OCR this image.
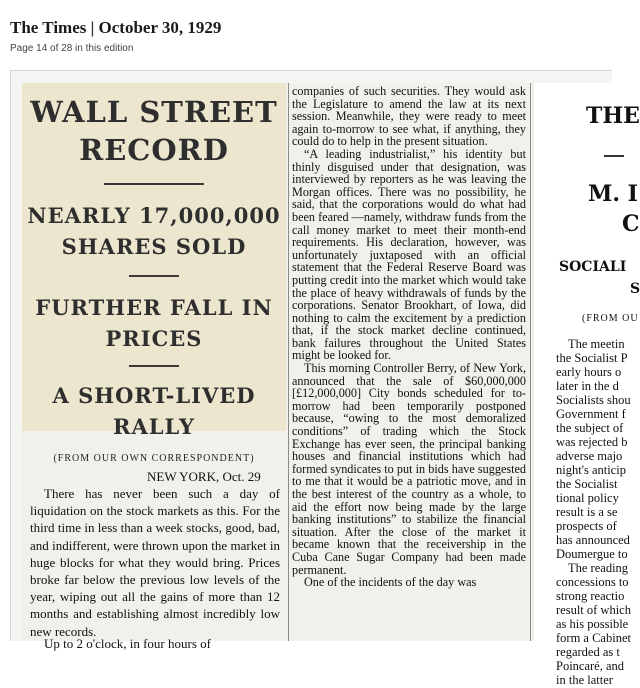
The Times | October 30, 1929
Page 14 of 28 in this edition
WALL STREET
RECORD
NEARLY 17,000,000
SHARES SOLD
FURTHER FALL IN
PRICES
A SHORT-LIVED
RALLY
(FROM OUR OWN CORRESPONDENT)
NEW YORK, Oct. 29

There has never been such a day of liquidation on the stock markets as this. For the third time in less than a week stocks, good, bad, and indifferent, were thrown upon the market in huge blocks for what they would bring. Prices broke far below the previous low levels of the year, wiping out all the gains of more than 12 months and establishing almost incredibly low new records.

Up to 2 o'clock, in four hours of

companies of such securities. They would ask the Legislature to amend the law at its next session. Meanwhile, they were ready to meet again to-morrow to see what, if anything, they could do to help in the present situation.

“A leading industrialist,” his identity but thinly disguised under that designation, was interviewed by reporters as he was leaving the Morgan offices. There was no possibility, he said, that the corporations would do what had been feared —namely, withdraw funds from the call money market to meet their month-end requirements. His declaration, however, was unfortunately juxtaposed with an official statement that the Federal Reserve Board was putting credit into the market which would take the place of heavy withdrawals of funds by the corporations. Senator Brookhart, of Iowa, did nothing to calm the excitement by a prediction that, if the stock market decline continued, bank failures throughout the United States might be looked for.

This morning Controller Berry, of New York, announced that the sale of $60,000,000 [£12,000,000] City bonds scheduled for to-morrow had been temporarily postponed because, “owing to the most demoralized conditions” of trading which the Stock Exchange has ever seen, the principal banking houses and financial institutions which had formed syndicates to put in bids have suggested to me that it would be a patriotic move, and in the best interest of the country as a whole, to aid the effort now being made by the large banking institutions” to stabilize the financial situation. After the close of the market it became known that the receivership in the Cuba Cane Sugar Company had been made permanent.

One of the incidents of the day was

THE
M. I
C
SOCIALI
S
(FROM OU
The meetin
the Socialist P
early hours o
later in the d
Socialists shou
Government f
the subject of
was rejected b
adverse majo
night's anticip
the Socialist
tional policy
result is a se
prospects of
has announced
Doumergue to
The reading
concessions to
strong reactio
result of which
as his possible
form a Cabinet
regarded as t
Poincaré, and
in the latter
